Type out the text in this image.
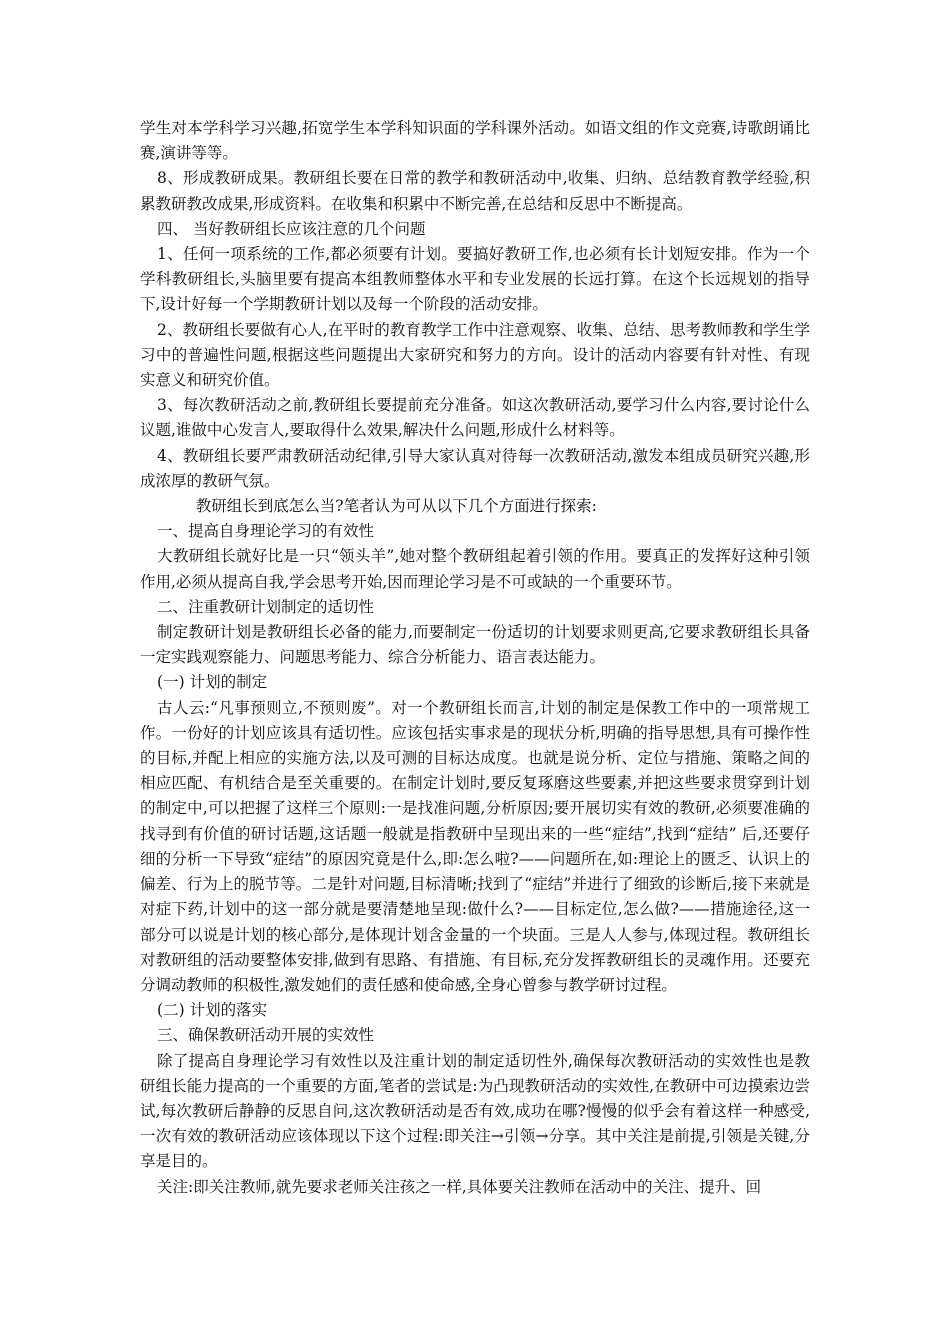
学生对本学科学习兴趣,拓宽学生本学科知识面的学科课外活动。如语文组的作文竞赛,诗歌朗诵比赛,演讲等等。

8、形成教研成果。教研组长要在日常的教学和教研活动中,收集、归纳、总结教育教学经验,积累教研教改成果,形成资料。在收集和积累中不断完善,在总结和反思中不断提高。

四、 当好教研组长应该注意的几个问题

1、任何一项系统的工作,都必须要有计划。要搞好教研工作,也必须有长计划短安排。作为一个学科教研组长,头脑里要有提高本组教师整体水平和专业发展的长远打算。在这个长远规划的指导下,设计好每一个学期教研计划以及每一个阶段的活动安排。

2、教研组长要做有心人,在平时的教育教学工作中注意观察、收集、总结、思考教师教和学生学习中的普遍性问题,根据这些问题提出大家研究和努力的方向。设计的活动内容要有针对性、有现实意义和研究价值。

3、每次教研活动之前,教研组长要提前充分准备。如这次教研活动,要学习什么内容,要讨论什么议题,谁做中心发言人,要取得什么效果,解决什么问题,形成什么材料等。

4、教研组长要严肃教研活动纪律,引导大家认真对待每一次教研活动,激发本组成员研究兴趣,形成浓厚的教研气氛。

教研组长到底怎么当?笔者认为可从以下几个方面进行探索:

一、提高自身理论学习的有效性

大教研组长就好比是一只“领头羊”,她对整个教研组起着引领的作用。要真正的发挥好这种引领作用,必须从提高自我,学会思考开始,因而理论学习是不可或缺的一个重要环节。

二、注重教研计划制定的适切性

制定教研计划是教研组长必备的能力,而要制定一份适切的计划要求则更高,它要求教研组长具备一定实践观察能力、问题思考能力、综合分析能力、语言表达能力。

(一) 计划的制定

古人云:“凡事预则立,不预则废”。对一个教研组长而言,计划的制定是保教工作中的一项常规工作。一份好的计划应该具有适切性。应该包括实事求是的现状分析,明确的指导思想,具有可操作性的目标,并配上相应的实施方法,以及可测的目标达成度。也就是说分析、定位与措施、策略之间的相应匹配、有机结合是至关重要的。在制定计划时,要反复琢磨这些要素,并把这些要求贯穿到计划的制定中,可以把握了这样三个原则:一是找准问题,分析原因;要开展切实有效的教研,必须要准确的找寻到有价值的研讨话题,这话题一般就是指教研中呈现出来的一些“症结”,找到“症结” 后,还要仔细的分析一下导致“症结”的原因究竟是什么,即:怎么啦?——问题所在,如:理论上的匮乏、认识上的偏差、行为上的脱节等。二是针对问题,目标清晰;找到了“症结”并进行了细致的诊断后,接下来就是对症下药,计划中的这一部分就是要清楚地呈现:做什么?——目标定位,怎么做?——措施途径,这一部分可以说是计划的核心部分,是体现计划含金量的一个块面。三是人人参与,体现过程。教研组长对教研组的活动要整体安排,做到有思路、有措施、有目标,充分发挥教研组长的灵魂作用。还要充分调动教师的积极性,激发她们的责任感和使命感,全身心曾参与教学研讨过程。

(二) 计划的落实

三、确保教研活动开展的实效性

除了提高自身理论学习有效性以及注重计划的制定适切性外,确保每次教研活动的实效性也是教研组长能力提高的一个重要的方面,笔者的尝试是:为凸现教研活动的实效性,在教研中可边摸索边尝试,每次教研后静静的反思自问,这次教研活动是否有效,成功在哪?慢慢的似乎会有着这样一种感受,一次有效的教研活动应该体现以下这个过程:即关注→引领→分享。其中关注是前提,引领是关键,分享是目的。

关注:即关注教师,就先要求老师关注孩之一样,具体要关注教师在活动中的关注、提升、回
